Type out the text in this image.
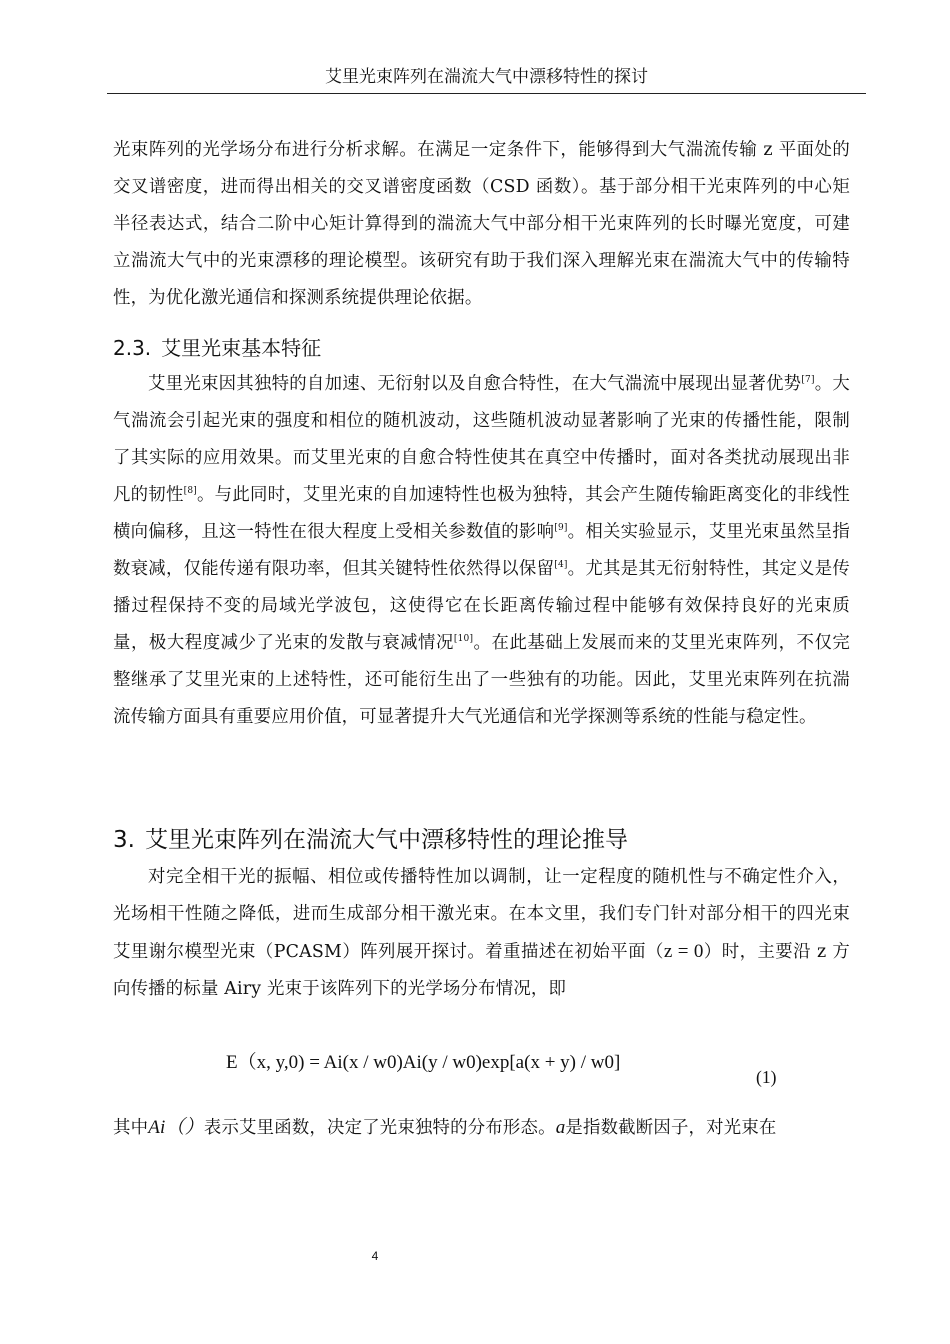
艾里光束阵列在湍流大气中漂移特性的探讨

光束阵列的光学场分布进行分析求解。在满足一定条件下，能够得到大气湍流传输 z 平面处的交叉谱密度，进而得出相关的交叉谱密度函数（CSD 函数）。基于部分相干光束阵列的中心矩半径表达式，结合二阶中心矩计算得到的湍流大气中部分相干光束阵列的长时曝光宽度，可建立湍流大气中的光束漂移的理论模型。该研究有助于我们深入理解光束在湍流大气中的传输特性，为优化激光通信和探测系统提供理论依据。

2.3. 艾里光束基本特征

艾里光束因其独特的自加速、无衍射以及自愈合特性，在大气湍流中展现出显著优势[7]。大气湍流会引起光束的强度和相位的随机波动，这些随机波动显著影响了光束的传播性能，限制了其实际的应用效果。而艾里光束的自愈合特性使其在真空中传播时，面对各类扰动展现出非凡的韧性[8]。与此同时，艾里光束的自加速特性也极为独特，其会产生随传输距离变化的非线性横向偏移，且这一特性在很大程度上受相关参数值的影响[9]。相关实验显示，艾里光束虽然呈指数衰减，仅能传递有限功率，但其关键特性依然得以保留[4]。尤其是其无衍射特性，其定义是传播过程保持不变的局域光学波包，这使得它在长距离传输过程中能够有效保持良好的光束质量，极大程度减少了光束的发散与衰减情况[10]。在此基础上发展而来的艾里光束阵列，不仅完整继承了艾里光束的上述特性，还可能衍生出了一些独有的功能。因此，艾里光束阵列在抗湍流传输方面具有重要应用价值，可显著提升大气光通信和光学探测等系统的性能与稳定性。

3. 艾里光束阵列在湍流大气中漂移特性的理论推导

对完全相干光的振幅、相位或传播特性加以调制，让一定程度的随机性与不确定性介入，光场相干性随之降低，进而生成部分相干激光束。在本文里，我们专门针对部分相干的四光束艾里谢尔模型光束（PCASM）阵列展开探讨。着重描述在初始平面（z = 0）时，主要沿 z 方向传播的标量 Airy 光束于该阵列下的光学场分布情况，即

E（x, y,0) = Ai(x / w0)Ai(y / w0)exp[a(x + y) / w0]
(1)

其中Ai（）表示艾里函数，决定了光束独特的分布形态。a是指数截断因子，对光束在

4
